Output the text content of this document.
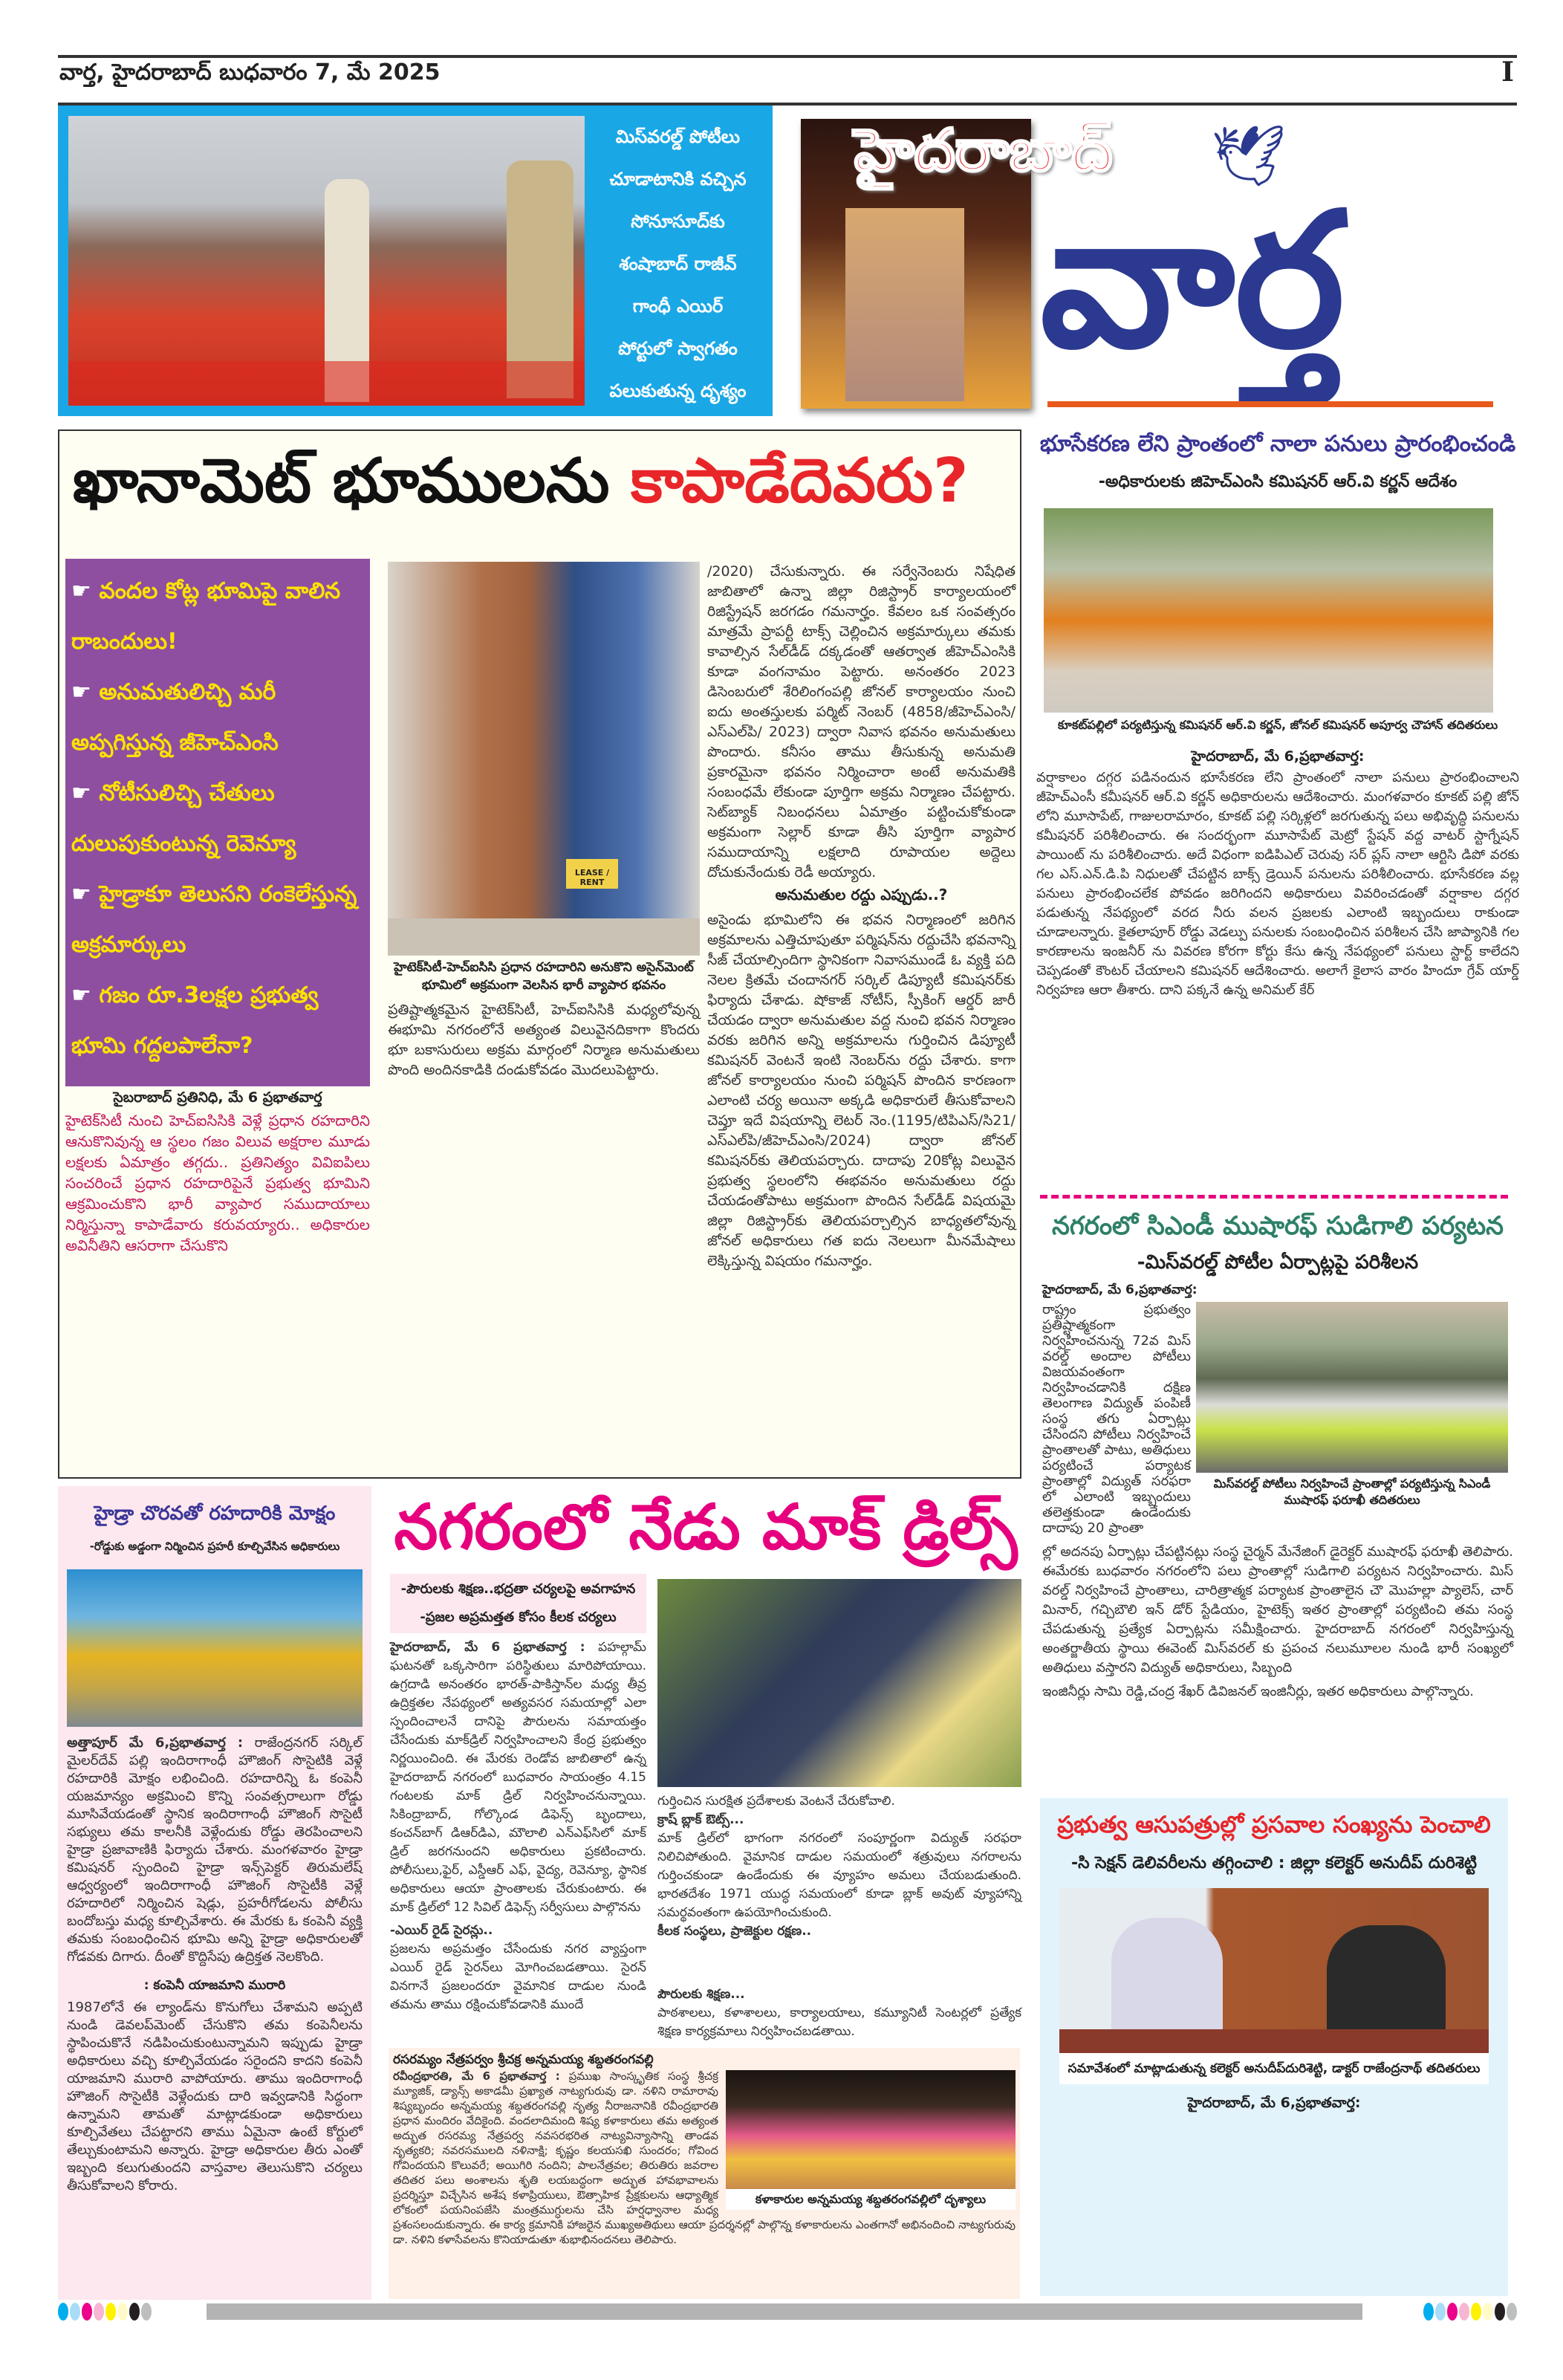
వార్త, హైదరాబాద్ బుధవారం 7, మే 2025	I
మిస్‌వరల్డ్ పోటీలు
చూడాటానికి వచ్చిన
సోనూసూద్‌కు
శంషాబాద్ రాజీవ్
గాంధీ ఎయిర్
పోర్టులో స్వాగతం
పలుకుతున్న దృశ్యం
హైదరాబాద్ 🕊
వార్త
ఖానామెట్ భూములను కాపాడేదెవరు?
☛ వందల కోట్ల భూమిపై వాలిన రాబందులు!
☛ అనుమతులిచ్చి మరీ అప్పగిస్తున్న జీహెచ్ఎంసి
☛ నోటీసులిచ్చి చేతులు దులుపుకుంటున్న రెవెన్యూ
☛ హైడ్రాకూ తెలుసని రంకెలేస్తున్న అక్రమార్కులు
☛ గజం రూ.3లక్షల ప్రభుత్వ భూమి గద్దలపాలేనా?
సైబరాబాద్ ప్రతినిధి, మే 6 ప్రభాతవార్త
హైటెక్‌సిటీ నుంచి హెచ్ఐసిసికి వెళ్లే ప్రధాన రహదారిని ఆనుకొనివున్న ఆ స్థలం గజం విలువ అక్షరాల మూడు లక్షలకు ఏమాత్రం తగ్గదు.. ప్రతినిత్యం వివిఐపిలు సంచరించే ప్రధాన రహదారిపైనే ప్రభుత్వ భూమిని ఆక్రమించుకొని భారీ వ్యాపార సముదాయాలు నిర్మిస్తున్నా కాపాడేవారు కరువయ్యారు.. అధికారుల అవినీతిని ఆసరాగా చేసుకొని
LEASE / RENT
హైటెక్‌సిటీ-హెచ్ఐసిసి ప్రధాన రహదారిని అనుకొని అసైన్‌మెంట్ భూమిలో అక్రమంగా వెలసిన భారీ వ్యాపార భవనం
ప్రతిష్టాత్మకమైన హైటెక్‌సిటీ, హెచ్ఐసిసికి మధ్యలోవున్న ఈభూమి నగరంలోనే అత్యంత విలువైనదికాగా కొందరు భూ బకాసురులు అక్రమ మార్గంలో నిర్మాణ అనుమతులు పొంది అందినకాడికి దండుకోవడం మొదలుపెట్టారు.
/2020) చేసుకున్నారు. ఈ సర్వేనెంబరు నిషేధిత జాబితాలో ఉన్నా జిల్లా రిజిస్ట్రార్ కార్యాలయంలో రిజిస్ట్రేషన్ జరగడం గమనార్హం. కేవలం ఒక సంవత్సరం మాత్రమే ప్రాపర్టీ టాక్స్ చెల్లించిన అక్రమార్కులు తమకు కావాల్సిన సేల్‌డీడ్ దక్కడంతో ఆతర్వాత జీహెచ్ఎంసికి కూడా వంగనామం పెట్టారు. అనంతరం 2023 డిసెంబరులో శేరిలింగంపల్లి జోనల్ కార్యాలయం నుంచి ఐదు అంతస్తులకు పర్మిట్ నెంబర్ (4858/జీహెచ్ఎంసి/ ఎస్ఎల్‌పి/ 2023) ద్వారా నివాస భవనం అనుమతులు పొందారు. కనీసం తాము తీసుకున్న అనుమతి ప్రకారమైనా భవనం నిర్మించారా అంటే అనుమతికి సంబంధమే లేకుండా పూర్తిగా అక్రమ నిర్మాణం చేపట్టారు. సెట్‌బ్యాక్ నిబంధనలు ఏమాత్రం పట్టించుకోకుండా అక్రమంగా సెల్లార్ కూడా తీసి పూర్తిగా వ్యాపార సముదాయాన్ని లక్షలాది రూపాయల అద్దెలు దోచుకునేందుకు రెడీ అయ్యారు.
అనుమతుల రద్దు ఎప్పుడు..?
అసైండు భూమిలోని ఈ భవన నిర్మాణంలో జరిగిన అక్రమాలను ఎత్తిచూపుతూ పర్మిషన్‌ను రద్దుచేసి భవనాన్ని సీజ్ చేయాల్సిందిగా స్థానికంగా నివాసముండే ఓ వ్యక్తి పది నెలల క్రితమే చందానగర్ సర్కిల్ డిప్యూటీ కమిషనర్‌కు ఫిర్యాదు చేశాడు. షోకాజ్ నోటీస్, స్పీకింగ్ ఆర్డర్ జారీ చేయడం ద్వారా అనుమతుల వద్ద నుంచి భవన నిర్మాణం వరకు జరిగిన అన్ని అక్రమాలను గుర్తించిన డిప్యూటీ కమిషనర్ వెంటనే ఇంటి నెంబర్‌ను రద్దు చేశారు. కాగా జోనల్ కార్యాలయం నుంచి పర్మిషన్ పొందిన కారణంగా ఎలాంటి చర్య అయినా అక్కడి అధికారులే తీసుకోవాలని చెప్తూ ఇదే విషయాన్ని లెటర్ నెం.(1195/టిపిఎస్/సి21/ఎస్ఎల్‌పి/జీహెచ్ఎంసి/2024) ద్వారా జోనల్ కమిషనర్‌కు తెలియపర్చారు. దాదాపు 20కోట్ల విలువైన ప్రభుత్వ స్థలంలోని ఈభవనం అనుమతులు రద్దు చేయడంతోపాటు అక్రమంగా పొందిన సేల్‌డీడ్ విషయమై జిల్లా రిజిస్ట్రార్‌కు తెలియపర్చాల్సిన బాధ్యతలోవున్న జోనల్ అధికారులు గత ఐదు నెలలుగా మీనమేషాలు లెక్కిస్తున్న విషయం గమనార్హం.
భూసేకరణ లేని ప్రాంతంలో నాలా పనులు ప్రారంభించండి
-అధికారులకు జిహెచ్ఎంసి కమిషనర్ ఆర్.వి కర్ణన్ ఆదేశం
కూకట్‌పల్లిలో పర్యటిస్తున్న కమిషనర్ ఆర్.వి కర్ణన్, జోనల్ కమిషనర్ అపూర్వ చౌహాన్ తదితరులు
హైదరాబాద్, మే 6,ప్రభాతవార్త:
వర్షాకాలం దగ్గర పడినందున భూసేకరణ లేని ప్రాంతంలో నాలా పనులు ప్రారంభించాలని జీహెచ్ఎంసీ కమీషనర్ ఆర్.వి కర్ణన్ అధికారులను ఆదేశించారు. మంగళవారం కూకట్ పల్లి జోన్ లోని మూసాపేట్, గాజులరామారం, కూకట్ పల్లి సర్కిళ్లలో జరగుతున్న పలు అభివృద్ధి పనులను కమీషనర్ పరిశీలించారు. ఈ సందర్భంగా మూసాపేట్ మెట్రో స్టేషన్ వద్ద వాటర్ స్టాగ్నేషన్ పాయింట్ ను పరిశీలించారు. అదే విధంగా ఐడిపిఎల్ చెరువు సర్ ప్లస్ నాలా ఆర్టిసి డిపో వరకు గల ఎస్.ఎన్.డి.పి నిధులతో చేపట్టిన బాక్స్ డ్రెయిన్ పనులను పరిశీలించారు. భూసేకరణ వల్ల పనులు ప్రారంభించలేక పోవడం జరిగిందని అధికారులు వివరించడంతో వర్షాకాల దగ్గర పడుతున్న నేపథ్యంలో వరద నీరు వలన ప్రజలకు ఎలాంటి ఇబ్బందులు రాకుండా చూడాలన్నారు. కైతలాపూర్ రోడ్డు వెడల్పు పనులకు సంబంధించిన పరిశీలన చేసి జాప్యానికి గల కారణాలను ఇంజనీర్ ను వివరణ కోరగా కోర్టు కేసు ఉన్న నేపథ్యంలో పనులు స్టార్ట్ కాలేదని చెప్పడంతో కౌంటర్ చేయాలని కమిషనర్ ఆదేశించారు. అలాగే కైలాస వారం హిందూ గ్రేవ్ యార్డ్ నిర్వహణ ఆరా తీశారు. దాని పక్కనే ఉన్న అనిమల్ కేర్
నగరంలో సిఎండీ ముషారఫ్ సుడిగాలి పర్యటన
-మిస్‌వరల్డ్ పోటీల ఏర్పాట్లపై పరిశీలన
హైదరాబాద్, మే 6,ప్రభాతవార్త:
రాష్ట్రం ప్రభుత్వం ప్రతిష్టాత్మకంగా నిర్వహించనున్న 72వ మిస్ వరల్డ్ అందాల పోటీలు విజయవంతంగా నిర్వహించడానికి దక్షిణ తెలంగాణ విద్యుత్ పంపిణీ సంస్థ తగు ఏర్పాట్లు చేసిందని పోటీలు నిర్వహించే ప్రాంతాలతో పాటు, అతిధులు పర్యటించే పర్యాటక ప్రాంతాల్లో విద్యుత్ సరఫరా లో ఎలాంటి ఇబ్బందులు తలెత్తకుండా ఉండేందుకు దాదాపు 20 ప్రాంతా
మిస్‌వరల్డ్ పోటీలు నిర్వహించే ప్రాంతాల్లో పర్యటిస్తున్న సిఎండీ ముషారఫ్ ఫరూఖీ తదితరులు
ల్లో అదనపు ఏర్పాట్లు చేపట్టినట్లు సంస్థ చైర్మన్ మేనేజింగ్ డైరెక్టర్ ముషారఫ్ ఫరూఖీ తెలిపారు. ఈమేరకు బుధవారం నగరంలోని పలు ప్రాంతాల్లో సుడిగాలి పర్యటన నిర్వహించారు. మిస్ వరల్డ్ నిర్వహించే ప్రాంతాలు, చారిత్రాత్మక పర్యాటక ప్రాంతాలైన చౌ మొహల్లా ప్యాలెస్, చార్ మినార్, గచ్చిబౌలి ఇన్ డోర్ స్టేడియం, హైటెక్స్ ఇతర ప్రాంతాల్లో పర్యటించి తమ సంస్థ చేపడుతున్న ప్రత్యేక ఏర్పాట్లను సమీక్షించారు. హైదరాబాద్ నగరంలో నిర్వహిస్తున్న అంతర్జాతీయ స్థాయి ఈవెంట్ మిస్‌వరల్ కు ప్రపంచ నలుమూలల నుండి భారీ సంఖ్యలో అతిధులు వస్తారని విద్యుత్ అధికారులు, సిబ్బంది
ఇంజినీర్లు సామి రెడ్డి,చంద్ర శేఖర్ డివిజనల్ ఇంజినీర్లు, ఇతర అధికారులు పాల్గొన్నారు.
ప్రభుత్వ ఆసుపత్రుల్లో ప్రసవాల సంఖ్యను పెంచాలి
-సి సెక్షన్ డెలివరీలను తగ్గించాలి : జిల్లా కలెక్టర్ అనుదీప్ దురిశెట్టి
సమావేశంలో మాట్లాడుతున్న కలెక్టర్ అనుదీప్‌దురిశెట్టి, డాక్టర్ రాజేంద్రనాథ్ తదితరులు
హైదరాబాద్, మే 6,ప్రభాతవార్త:
హైడ్రా చొరవతో రహదారికి మోక్షం
-రోడ్డుకు అడ్డంగా నిర్మించిన ప్రహరీ కూల్చివేసిన అధికారులు
అత్తాపూర్ మే 6,ప్రభాతవార్త : రాజేంద్రనగర్ సర్కిల్ మైలర్‌దేవ్ పల్లి ఇందిరాగాంధీ హౌజింగ్ సొసైటికి వెళ్లే రహదారికి మోక్షం లభించింది. రహదారిన్ని ఓ కంపెనీ యజమాన్యం అక్రమించి కొన్ని సంవత్సరాలుగా రోడ్డు మూసివేయడంతో స్థానిక ఇందిరాగాంధీ హౌజింగ్ సొసైటీ సభ్యులు తమ కాలనీకి వెళ్లేందుకు రోడ్డు తెరపించాలని హైడ్రా ప్రజావాణికి ఫిర్యాదు చేశారు. మంగళవారం హైడ్రా కమిషనర్ స్పందించి హైడ్రా ఇన్స్‌పెక్టర్ తిరుమలేష్ ఆధ్వర్యంలో ఇందిరాగాంధీ హౌజింగ్ సొసైటీకి వెళ్లే రహదారిలో నిర్మించిన షెడ్లు, ప్రహరీగోడలను పోలీసు బందోబస్తు మధ్య కూల్చివేశారు. ఈ మేరకు ఓ కంపెనీ వ్యక్తి తమకు సంబంధించిన భూమి అన్ని హైడ్రా అధికారులతో గోడవకు దిగారు. దీంతో కొద్దిసేపు ఉద్రిక్తత నెలకొంది.
: కంపెనీ యాజమాని మురారి
1987లోనే ఈ ల్యాండ్‌ను కొనుగోలు చేశామని అప్పటి నుండి డెవలప్‌మెంట్ చేసుకొని తమ కంపెనీలను స్థాపించుకొనే నడిపించుకుంటున్నామని ఇప్పుడు హైడ్రా అధికారులు వచ్చి కూల్చివేయడం సరైందని కాదని కంపెనీ యాజమాని మురారి వాపోయారు. తాము ఇందిరాగాంధీ హౌజింగ్ సొసైటీకి వెళ్లేందుకు దారి ఇవ్వడానికి సిద్ధంగా ఉన్నామని తామతో మాట్లాడకుండా అధికారులు కూల్చివేతలు చేపట్టారని తాము ఏమైనా ఉంటే కోర్టులో తేల్చుకుంటామని అన్నారు. హైడ్రా అధికారుల తీరు ఎంతో ఇబ్బంది కలుగుతుందని వాస్తవాల తెలుసుకొని చర్యలు తీసుకోవాలని కోరారు.
నగరంలో నేడు మాక్ డ్రిల్స్
-పౌరులకు శిక్షణ..భద్రతా చర్యలపై అవగాహన
-ప్రజల అప్రమత్తత కోసం కీలక చర్యలు
హైదరాబాద్, మే 6 ప్రభాతవార్త : పహల్గామ్ ఘటనతో ఒక్కసారిగా పరిస్థితులు మారిపోయాయి. ఉగ్రదాడి అనంతరం భారత్-పాకిస్తాన్‌ల మధ్య తీవ్ర ఉద్రిక్తతల నేపథ్యంలో అత్యవసర సమయాల్లో ఎలా స్పందించాలనే దానిపై పౌరులను సమాయత్తం చేసేందుకు మాక్‌డ్రిల్ నిర్వహించాలని కేంద్ర ప్రభుత్వం నిర్ణయించింది. ఈ మేరకు రెండోవ జాబితాలో ఉన్న హైదరాబాద్ నగరంలో బుధవారం సాయంత్రం 4.15 గంటలకు మాక్ డ్రిల్ నిర్వహించనున్నాయి. సికింద్రాబాద్, గోల్కొండ డిఫెన్స్ బృందాలు, కంచన్‌బాగ్ డిఆర్‌డిఎ, మౌలాలి ఎన్ఎఫ్‌సిలో మాక్ డ్రిల్ జరగనుందని అధికారులు ప్రకటించారు. పోలీసులు,ఫైర్, ఎస్డీఆర్ ఎఫ్, వైద్య, రెవెన్యూ, స్థానిక అధికారులు ఆయా ప్రాంతాలకు చేరుకుంటారు. ఈ మాక్ డ్రిల్‌లో 12 సివిల్ డిఫెన్స్ సర్వీసులు పాల్గొనను
-ఎయిర్ రైడ్ సైరన్లు..
ప్రజలను అప్రమత్తం చేసేందుకు నగర వ్యాప్తంగా ఎయిర్ రైడ్ సైరన్‌లు మోగించబడతాయి. సైరన్ వినగానే ప్రజలందరూ వైమానిక దాడుల నుండి తమను తాము రక్షించుకోవడానికి ముందే
గుర్తించిన సురక్షిత ప్రదేశాలకు వెంటనే చేరుకోవాలి.
క్రాష్ బ్లాక్ ఔట్స్...
మాక్ డ్రిల్‌లో భాగంగా నగరంలో సంపూర్ణంగా విద్యుత్ సరఫరా నిలిచిపోతుంది. వైమానిక దాడుల సమయంలో శత్రువులు నగరాలను గుర్తించకుండా ఉండేందుకు ఈ వ్యూహం అమలు చేయబడుతుంది. భారతదేశం 1971 యుద్ధ సమయంలో కూడా బ్లాక్ అవుట్ వ్యూహాన్ని సమర్థవంతంగా ఉపయోగించుకుంది.
కీలక సంస్థలు, ప్రాజెక్టుల రక్షణ..
పౌరులకు శిక్షణ...
పాఠశాలలు, కళాశాలలు, కార్యాలయాలు, కమ్యూనిటీ సెంటర్లలో ప్రత్యేక శిక్షణ కార్యక్రమాలు నిర్వహించబడతాయి.
రసరమ్యం నేత్రపర్వం శ్రీచక్ర అన్నమయ్య శబ్దతరంగవల్లి
కళాకారుల అన్నమయ్య శబ్దతరంగవల్లిలో దృశ్యాలు
రవీంద్రభారతి, మే 6 ప్రభాతవార్త : ప్రముఖ సాంస్కృతిక సంస్థ శ్రీచక్ర మ్యూజిక్, డ్యాన్స్ అకాడమీ ప్రఖ్యాత నాట్యగురువు డా. నళిని రామారావు శిష్యబృందం అన్నమయ్య శబ్దతరంగవల్లి నృత్య నీరాజనానికి రవీంద్రభారతి ప్రధాన మందిరం వేదికైంది. వందలాదిమంది శిష్య కళాకారులు తమ అత్యంత అద్భుత రసరమ్య నేత్రపర్వ నవసరభరిత నాట్యవిన్యాసాన్ని తాండవ నృత్యకరి; నవరసములది నళినాక్షి; కృష్ణం కలయసఖి సుందరం; గోవింద గోవిందయని కొలువరే; అయిగిరి నందిని; పాలనేత్రవల; తిరుతిరు జవరాల తదితర పలు అంశాలను శృతి లయబద్ధంగా అద్భుత హావభావాలను ప్రదర్శిస్తూ విచ్చేసిన అశేష కళాప్రియులు, ఔత్సాహిక ప్రేక్షకులను ఆధ్యాత్మిక లోకంలో పయనింపజేసి మంత్రముగ్ధులను చేసి హర్షధ్వానాల మధ్య ప్రశంసలందుకున్నారు. ఈ కార్య క్రమానికి హాజరైన ముఖ్యఅతిథులు ఆయా ప్రదర్శనల్లో పాల్గొన్న కళాకారులను ఎంతగానో అభినందించి నాట్యగురువు డా. నళిని కళాసేవలను కొనియాడుతూ శుభాభినందనలు తెలిపారు.
